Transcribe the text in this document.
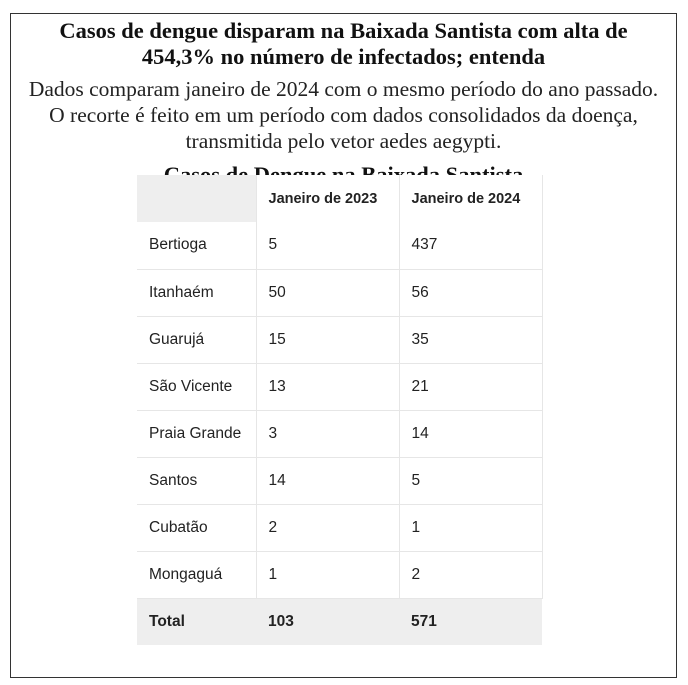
Casos de dengue disparam na Baixada Santista com alta de 454,3% no número de infectados; entenda
Dados comparam janeiro de 2024 com o mesmo período do ano passado. O recorte é feito em um período com dados consolidados da doença, transmitida pelo vetor aedes aegypti.
	Janeiro de 2023	Janeiro de 2024
Bertioga	5	437
Itanhaém	50	56
Guarujá	15	35
São Vicente	13	21
Praia Grande	3	14
Santos	14	5
Cubatão	2	1
Mongaguá	1	2
Total	103	571
